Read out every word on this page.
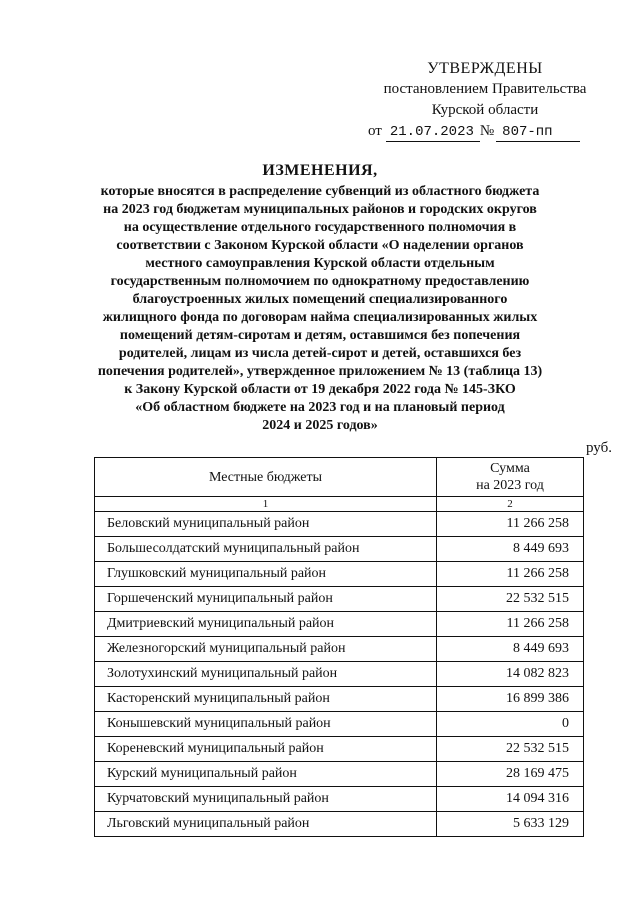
УТВЕРЖДЕНЫ
постановлением Правительства
Курской области
от 21.07.2023 № 807-пп
ИЗМЕНЕНИЯ,
которые вносятся в распределение субвенций из областного бюджета
на 2023 год бюджетам муниципальных районов и городских округов
на осуществление отдельного государственного полномочия в
соответствии с Законом Курской области «О наделении органов
местного самоуправления Курской области отдельным
государственным полномочием по однократному предоставлению
благоустроенных жилых помещений специализированного
жилищного фонда по договорам найма специализированных жилых
помещений детям-сиротам и детям, оставшимся без попечения
родителей, лицам из числа детей-сирот и детей, оставшихся без
попечения родителей», утвержденное приложением № 13 (таблица 13)
к Закону Курской области от 19 декабря 2022 года № 145-ЗКО
«Об областном бюджете на 2023 год и на плановый период
2024 и 2025 годов»
руб.
Местные бюджеты	Сумма
на 2023 год

1	2
Беловский муниципальный район	11 266 258
Большесолдатский муниципальный район	8 449 693
Глушковский муниципальный район	11 266 258
Горшеченский муниципальный район	22 532 515
Дмитриевский муниципальный район	11 266 258
Железногорский муниципальный район	8 449 693
Золотухинский муниципальный район	14 082 823
Касторенский муниципальный район	16 899 386
Конышевский муниципальный район	0
Кореневский муниципальный район	22 532 515
Курский муниципальный район	28 169 475
Курчатовский муниципальный район	14 094 316
Льговский муниципальный район	5 633 129
